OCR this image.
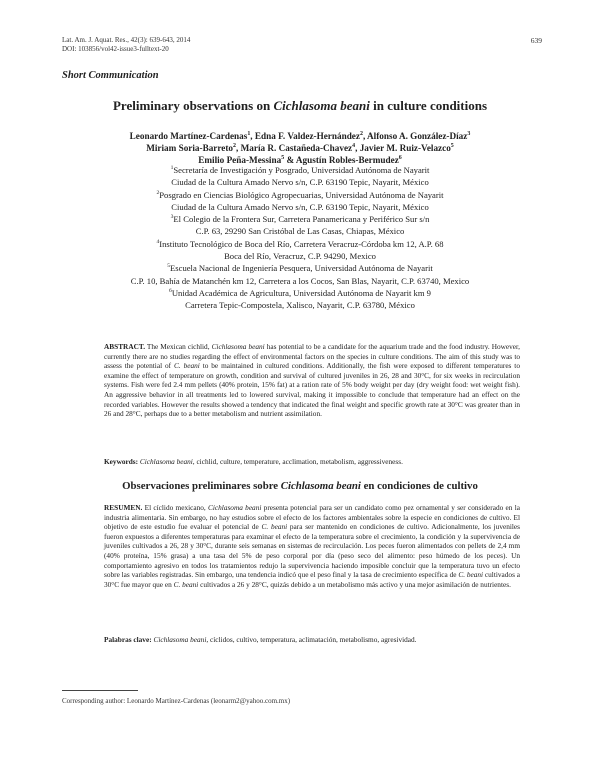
Lat. Am. J. Aquat. Res., 42(3): 639-643, 2014
DOI: 103856/vol42-issue3-fulltext-20
639
Short Communication
Preliminary observations on Cichlasoma beani in culture conditions
Leonardo Martínez-Cardenas$^1$, Edna F. Valdez-Hernández$^2$, Alfonso A. González-Díaz$^3$
Miriam Soria-Barreto$^2$, María R. Castañeda-Chavez$^4$, Javier M. Ruiz-Velazco$^5$
Emilio Peña-Messina$^5$ & Agustín Robles-Bermudez$^6$
$^1$Secretaría de Investigación y Posgrado, Universidad Autónoma de Nayarit
Ciudad de la Cultura Amado Nervo s/n, C.P. 63190 Tepic, Nayarit, México
$^2$Posgrado en Ciencias Biológico Agropecuarias, Universidad Autónoma de Nayarit
Ciudad de la Cultura Amado Nervo s/n, C.P. 63190 Tepic, Nayarit, México
$^3$El Colegio de la Frontera Sur, Carretera Panamericana y Periférico Sur s/n
C.P. 63, 29290 San Cristóbal de Las Casas, Chiapas, México
$^4$Instituto Tecnológico de Boca del Río, Carretera Veracruz-Córdoba km 12, A.P. 68
Boca del Río, Veracruz, C.P. 94290, Mexico
$^5$Escuela Nacional de Ingeniería Pesquera, Universidad Autónoma de Nayarit
C.P. 10, Bahía de Matanchén km 12, Carretera a los Cocos, San Blas, Nayarit, C.P. 63740, Mexico
$^6$Unidad Académica de Agricultura, Universidad Autónoma de Nayarit km 9
Carretera Tepic-Compostela, Xalisco, Nayarit, C.P. 63780, México
ABSTRACT. The Mexican cichlid, Cichlasoma beani has potential to be a candidate for the aquarium trade and the food industry. However, currently there are no studies regarding the effect of environmental factors on the species in culture conditions. The aim of this study was to assess the potential of C. beani to be maintained in cultured conditions. Additionally, the fish were exposed to different temperatures to examine the effect of temperature on growth, condition and survival of cultured juveniles in 26, 28 and 30°C, for six weeks in recirculation systems. Fish were fed 2.4 mm pellets (40% protein, 15% fat) at a ration rate of 5% body weight per day (dry weight food: wet weight fish). An aggressive behavior in all treatments led to lowered survival, making it impossible to conclude that temperature had an effect on the recorded variables. However the results showed a tendency that indicated the final weight and specific growth rate at 30°C was greater than in 26 and 28°C, perhaps due to a better metabolism and nutrient assimilation.
Keywords: Cichlasoma beani, cichlid, culture, temperature, acclimation, metabolism, aggressiveness.
Observaciones preliminares sobre Cichlasoma beani en condiciones de cultivo
RESUMEN. El cíclido mexicano, Cichlasoma beani presenta potencial para ser un candidato como pez ornamental y ser considerado en la industria alimentaria. Sin embargo, no hay estudios sobre el efecto de los factores ambientales sobre la especie en condiciones de cultivo. El objetivo de este estudio fue evaluar el potencial de C. beani para ser mantenido en condiciones de cultivo. Adicionalmente, los juveniles fueron expuestos a diferentes temperaturas para examinar el efecto de la temperatura sobre el crecimiento, la condición y la supervivencia de juveniles cultivados a 26, 28 y 30°C, durante seis semanas en sistemas de recirculación. Los peces fueron alimentados con pellets de 2,4 mm (40% proteína, 15% grasa) a una tasa del 5% de peso corporal por día (peso seco del alimento: peso húmedo de los peces). Un comportamiento agresivo en todos los tratamientos redujo la supervivencia haciendo imposible concluir que la temperatura tuvo un efecto sobre las variables registradas. Sin embargo, una tendencia indicó que el peso final y la tasa de crecimiento específica de C. beani cultivados a 30°C fue mayor que en C. beani cultivados a 26 y 28°C, quizás debido a un metabolismo más activo y una mejor asimilación de nutrientes.
Palabras clave: Cichlasoma beani, cíclidos, cultivo, temperatura, aclimatación, metabolismo, agresividad.
Corresponding author: Leonardo Martínez-Cardenas (leonarm2@yahoo.com.mx)
